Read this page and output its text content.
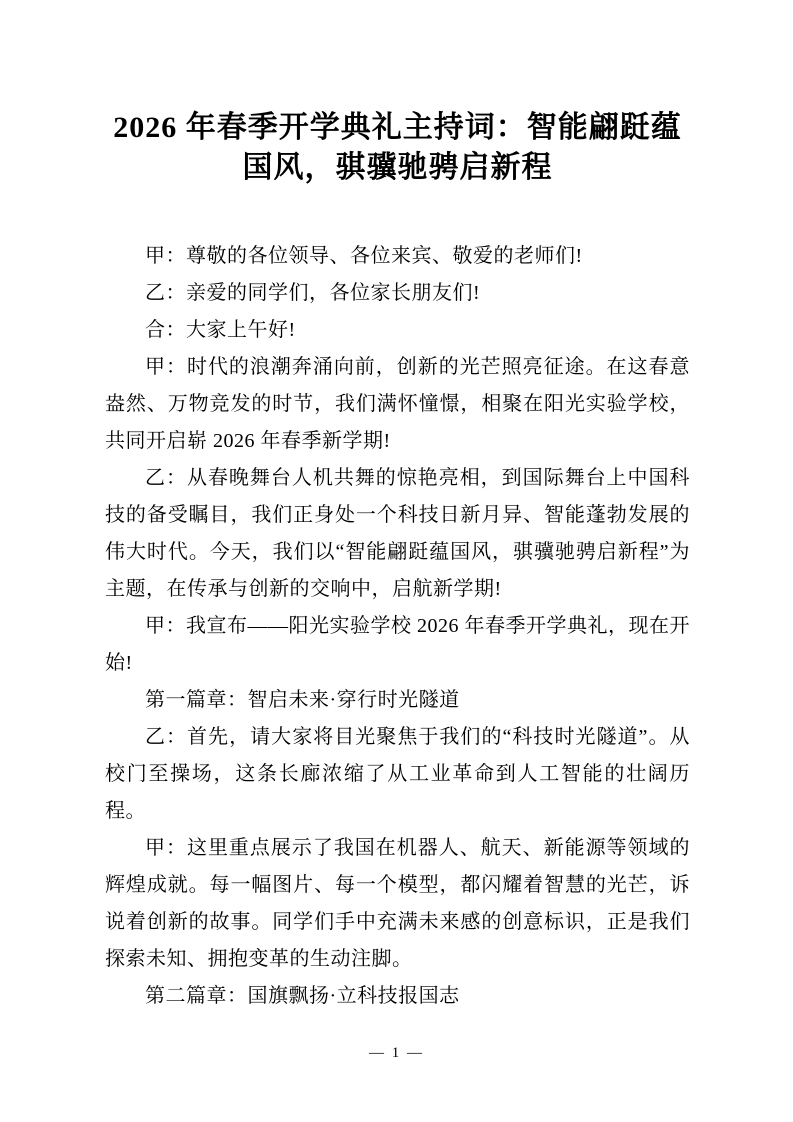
2026 年春季开学典礼主持词：智能翩跹蕴国风，骐骥驰骋启新程

甲：尊敬的各位领导、各位来宾、敬爱的老师们!

乙：亲爱的同学们，各位家长朋友们!

合：大家上午好!

甲：时代的浪潮奔涌向前，创新的光芒照亮征途。在这春意盎然、万物竞发的时节，我们满怀憧憬，相聚在阳光实验学校，共同开启崭 2026 年春季新学期!

乙：从春晚舞台人机共舞的惊艳亮相，到国际舞台上中国科技的备受瞩目，我们正身处一个科技日新月异、智能蓬勃发展的伟大时代。今天，我们以“智能翩跹蕴国风，骐骥驰骋启新程”为主题，在传承与创新的交响中，启航新学期!

甲：我宣布——阳光实验学校 2026 年春季开学典礼，现在开始!

第一篇章：智启未来·穿行时光隧道

乙：首先，请大家将目光聚焦于我们的“科技时光隧道”。从校门至操场，这条长廊浓缩了从工业革命到人工智能的壮阔历程。

甲：这里重点展示了我国在机器人、航天、新能源等领域的辉煌成就。每一幅图片、每一个模型，都闪耀着智慧的光芒，诉说着创新的故事。同学们手中充满未来感的创意标识，正是我们探索未知、拥抱变革的生动注脚。

第二篇章：国旗飘扬·立科技报国志

— 1 —
